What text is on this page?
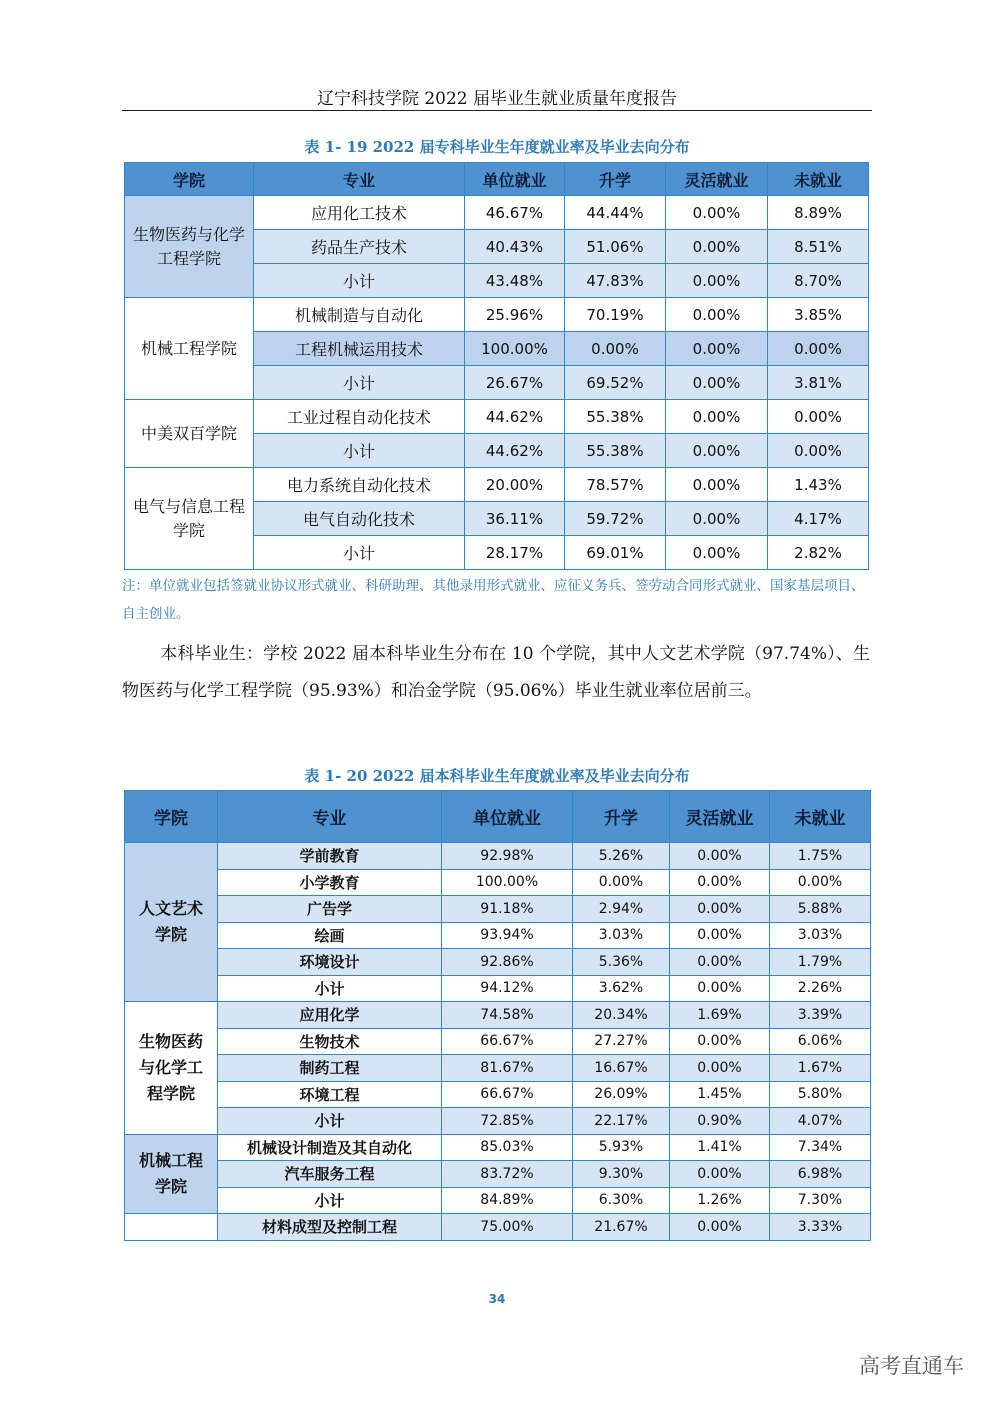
辽宁科技学院 2022 届毕业生就业质量年度报告
表 1- 19 2022 届专科毕业生年度就业率及毕业去向分布
学院	专业	单位就业	升学	灵活就业	未就业
生物医药与化学工程学院	应用化工技术	46.67%	44.44%	0.00%	8.89%
	药品生产技术	40.43%	51.06%	0.00%	8.51%
	小计	43.48%	47.83%	0.00%	8.70%
机械工程学院	机械制造与自动化	25.96%	70.19%	0.00%	3.85%
	工程机械运用技术	100.00%	0.00%	0.00%	0.00%
	小计	26.67%	69.52%	0.00%	3.81%
中美双百学院	工业过程自动化技术	44.62%	55.38%	0.00%	0.00%
	小计	44.62%	55.38%	0.00%	0.00%
电气与信息工程学院	电力系统自动化技术	20.00%	78.57%	0.00%	1.43%
	电气自动化技术	36.11%	59.72%	0.00%	4.17%
	小计	28.17%	69.01%	0.00%	2.82%
注：单位就业包括签就业协议形式就业、科研助理、其他录用形式就业、应征义务兵、签劳动合同形式就业、国家基层项目、自主创业。
本科毕业生：学校 2022 届本科毕业生分布在 10 个学院，其中人文艺术学院（97.74%）、生物医药与化学工程学院（95.93%）和冶金学院（95.06%）毕业生就业率位居前三。
表 1- 20 2022 届本科毕业生年度就业率及毕业去向分布
学院	专业	单位就业	升学	灵活就业	未就业
人文艺术学院	学前教育	92.98%	5.26%	0.00%	1.75%
	小学教育	100.00%	0.00%	0.00%	0.00%
	广告学	91.18%	2.94%	0.00%	5.88%
	绘画	93.94%	3.03%	0.00%	3.03%
	环境设计	92.86%	5.36%	0.00%	1.79%
	小计	94.12%	3.62%	0.00%	2.26%
生物医药与化学工程学院	应用化学	74.58%	20.34%	1.69%	3.39%
	生物技术	66.67%	27.27%	0.00%	6.06%
	制药工程	81.67%	16.67%	0.00%	1.67%
	环境工程	66.67%	26.09%	1.45%	5.80%
	小计	72.85%	22.17%	0.90%	4.07%
机械工程学院	机械设计制造及其自动化	85.03%	5.93%	1.41%	7.34%
	汽车服务工程	83.72%	9.30%	0.00%	6.98%
	小计	84.89%	6.30%	1.26%	7.30%
	材料成型及控制工程	75.00%	21.67%	0.00%	3.33%
34
高考直通车
